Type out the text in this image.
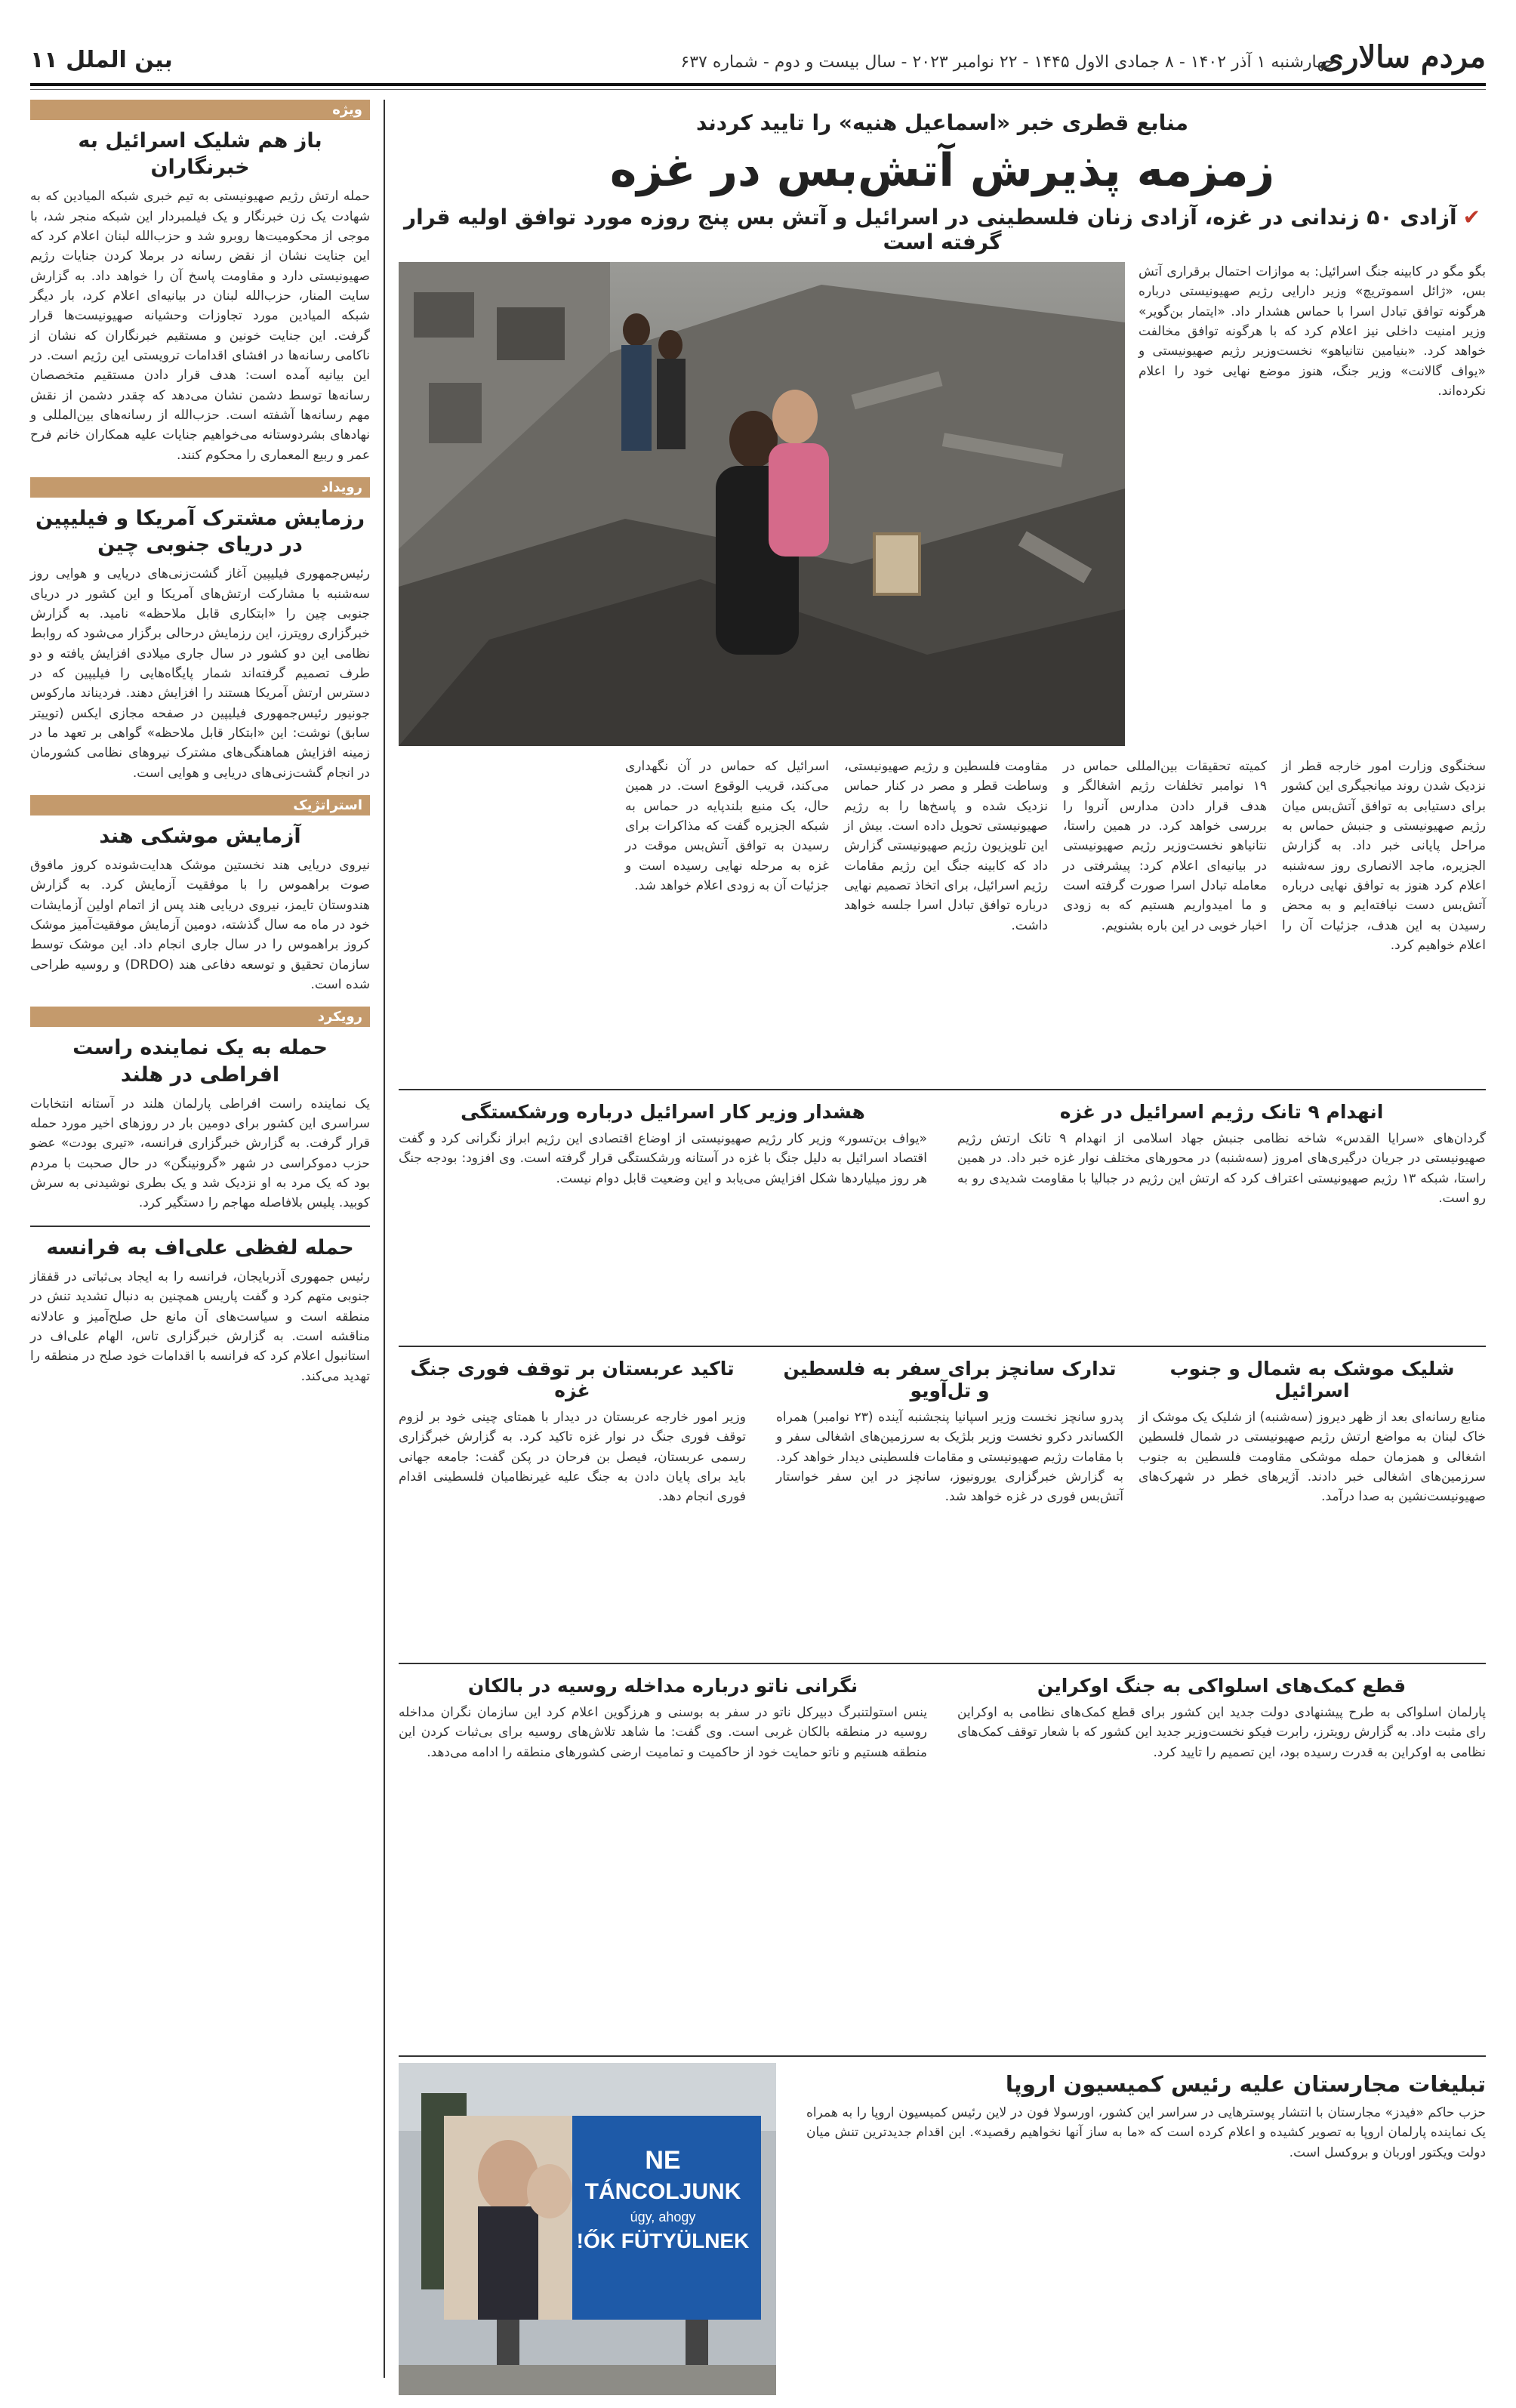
بین الملل ۱۱	مردم سالاری
چهارشنبه ۱ آذر ۱۴۰۲ - ۸ جمادی الاول ۱۴۴۵ - ۲۲ نوامبر ۲۰۲۳ - سال بیست و دوم - شماره ۶۳۷
ویژه
باز هم شلیک اسرائیل به خبرنگاران
حمله ارتش رژیم صهیونیستی به تیم خبری شبکه المیادین که به شهادت یک زن خبرنگار و یک فیلمبردار این شبکه منجر شد، با موجی از محکومیت‌ها روبرو شد و حزب‌الله لبنان اعلام کرد که این جنایت نشان از نقض رسانه در برملا کردن جنایات رژیم صهیونیستی دارد و مقاومت پاسخ آن را خواهد داد. به گزارش سایت المنار، حزب‌الله لبنان در بیانیه‌ای اعلام کرد، بار دیگر شبکه المیادین مورد تجاوزات وحشیانه صهیونیست‌ها قرار گرفت. این جنایت خونین و مستقیم خبرنگاران که نشان از ناکامی رسانه‌ها در افشای اقدامات ترویستی این رژیم است. در این بیانیه آمده است: هدف قرار دادن مستقیم متخصصان رسانه‌ها توسط دشمن نشان می‌دهد که چقدر دشمن از نقش مهم رسانه‌ها آشفته است. حزب‌الله از رسانه‌های بین‌المللی و نهادهای بشردوستانه می‌خواهیم جنایات علیه همکاران خانم فرح عمر و ربیع المعماری را محکوم کنند.
رویداد
رزمایش مشترک آمریکا و فیلیپین در دریای جنوبی چین
رئیس‌جمهوری فیلیپین آغاز گشت‌زنی‌های دریایی و هوایی روز سه‌شنبه با مشارکت ارتش‌های آمریکا و این کشور در دریای جنوبی چین را «ابتکاری قابل ملاحظه» نامید. به گزارش خبرگزاری رویترز، این رزمایش درحالی برگزار می‌شود که روابط نظامی این دو کشور در سال جاری میلادی افزایش یافته و دو طرف تصمیم گرفته‌اند شمار پایگاه‌هایی را فیلیپین که در دسترس ارتش آمریکا هستند را افزایش دهند. فردیناند مارکوس جونیور رئیس‌جمهوری فیلیپین در صفحه مجازی ایکس (توییتر سابق) نوشت: این «ابتکار قابل ملاحظه» گواهی بر تعهد ما در زمینه افزایش هماهنگی‌های مشترک نیروهای نظامی کشورمان در انجام گشت‌زنی‌های دریایی و هوایی است.
استراتژیک
آزمایش موشکی هند
نیروی دریایی هند نخستین موشک هدایت‌شونده کروز مافوق صوت براهموس را با موفقیت آزمایش کرد. به گزارش هندوستان تایمز، نیروی دریایی هند پس از اتمام اولین آزمایشات خود در ماه مه سال گذشته، دومین آزمایش موفقیت‌آمیز موشک کروز براهموس را در سال جاری انجام داد. این موشک توسط سازمان تحقیق و توسعه دفاعی هند (DRDO) و روسیه طراحی شده است.
رویکرد
حمله به یک نماینده راست افراطی در هلند
یک نماینده راست افراطی پارلمان هلند در آستانه انتخابات سراسری این کشور برای دومین بار در روزهای اخیر مورد حمله قرار گرفت. به گزارش خبرگزاری فرانسه، «تیری بودت» عضو حزب دموکراسی در شهر «گرونینگن» در حال صحبت با مردم بود که یک مرد به او نزدیک شد و یک بطری نوشیدنی به سرش کوبید. پلیس بلافاصله مهاجم را دستگیر کرد.
حمله لفظی علی‌اف به فرانسه
رئیس جمهوری آذربایجان، فرانسه را به ایجاد بی‌ثباتی در قفقاز جنوبی متهم کرد و گفت پاریس همچنین به دنبال تشدید تنش در منطقه است و سیاست‌های آن مانع حل صلح‌آمیز و عادلانه مناقشه است. به گزارش خبرگزاری تاس، الهام علی‌اف در استانبول اعلام کرد که فرانسه با اقدامات خود صلح در منطقه را تهدید می‌کند.
منابع قطری خبر «اسماعیل هنیه» را تایید کردند
زمزمه پذیرش آتش‌بس در غزه
✔آزادی ۵۰ زندانی در غزه، آزادی زنان فلسطینی در اسرائیل و آتش بس پنج روزه مورد توافق اولیه قرار گرفته است
بگو مگو در کابینه جنگ اسرائیل: به موازات احتمال برقراری آتش بس، «ژائل اسموتریچ» وزیر دارایی رژیم صهیونیستی درباره هرگونه توافق تبادل اسرا با حماس هشدار داد. «ایتمار بن‌گویر» وزیر امنیت داخلی نیز اعلام کرد که با هرگونه توافق مخالفت خواهد کرد. «بنیامین نتانیاهو» نخست‌وزیر رژیم صهیونیستی و «یواف گالانت» وزیر جنگ، هنوز موضع نهایی خود را اعلام نکرده‌اند.
سخنگوی وزارت امور خارجه قطر از نزدیک شدن روند میانجیگری این کشور برای دستیابی به توافق آتش‌بس میان رژیم صهیونیستی و جنبش حماس به مراحل پایانی خبر داد. به گزارش الجزیره، ماجد الانصاری روز سه‌شنبه اعلام کرد هنوز به توافق نهایی درباره آتش‌بس دست نیافته‌ایم و به محض رسیدن به این هدف، جزئیات آن را اعلام خواهیم کرد.
کمیته تحقیقات بین‌المللی حماس در ۱۹ نوامبر تخلفات رژیم اشغالگر و هدف قرار دادن مدارس آنروا را بررسی خواهد کرد. در همین راستا، نتانیاهو نخست‌وزیر رژیم صهیونیستی در بیانیه‌ای اعلام کرد: پیشرفتی در معامله تبادل اسرا صورت گرفته است و ما امیدواریم هستیم که به زودی اخبار خوبی در این باره بشنویم.
مقاومت فلسطین و رژیم صهیونیستی، وساطت قطر و مصر در کنار حماس نزدیک شده و پاسخ‌ها را به رژیم صهیونیستی تحویل داده است. بیش از این تلویزیون رژیم صهیونیستی گزارش داد که کابینه جنگ این رژیم مقامات رژیم اسرائیل، برای اتخاذ تصمیم نهایی درباره توافق تبادل اسرا جلسه خواهد داشت.
اسرائیل که حماس در آن نگهداری می‌کند، قریب الوقوع است. در همین حال، یک منبع بلندپایه در حماس به شبکه الجزیره گفت که مذاکرات برای رسیدن به توافق آتش‌بس موقت در غزه به مرحله نهایی رسیده است و جزئیات آن به زودی اعلام خواهد شد.
انهدام ۹ تانک رژیم اسرائیل در غزه
گردان‌های «سرایا القدس» شاخه نظامی جنبش جهاد اسلامی از انهدام ۹ تانک ارتش رژیم صهیونیستی در جریان درگیری‌های امروز (سه‌شنبه) در محورهای مختلف نوار غزه خبر داد. در همین راستا، شبکه ۱۳ رژیم صهیونیستی اعتراف کرد که ارتش این رژیم در جبالیا با مقاومت شدیدی رو به رو است.
هشدار وزیر کار اسرائیل درباره ورشکستگی
«یواف بن‌تسور» وزیر کار رژیم صهیونیستی از اوضاع اقتصادی این رژیم ابراز نگرانی کرد و گفت اقتصاد اسرائیل به دلیل جنگ با غزه در آستانه ورشکستگی قرار گرفته است. وی افزود: بودجه جنگ هر روز میلیاردها شکل افزایش می‌یابد و این وضعیت قابل دوام نیست.
شلیک موشک به شمال و جنوب اسرائیل
منابع رسانه‌ای بعد از ظهر دیروز (سه‌شنبه) از شلیک یک موشک از خاک لبنان به مواضع ارتش رژیم صهیونیستی در شمال فلسطین اشغالی و همزمان حمله موشکی مقاومت فلسطین به جنوب سرزمین‌های اشغالی خبر دادند. آژیرهای خطر در شهرک‌های صهیونیست‌نشین به صدا درآمد.
تدارک سانچز برای سفر به فلسطین و تل‌آویو
پدرو سانچز نخست وزیر اسپانیا پنجشنبه آینده (۲۳ نوامبر) همراه الکساندر دکرو نخست وزیر بلژیک به سرزمین‌های اشغالی سفر و با مقامات رژیم صهیونیستی و مقامات فلسطینی دیدار خواهد کرد. به گزارش خبرگزاری یورونیوز، سانچز در این سفر خواستار آتش‌بس فوری در غزه خواهد شد.
تاکید عربستان بر توقف فوری جنگ غزه
وزیر امور خارجه عربستان در دیدار با همتای چینی خود بر لزوم توقف فوری جنگ در نوار غزه تاکید کرد. به گزارش خبرگزاری رسمی عربستان، فیصل بن فرحان در پکن گفت: جامعه جهانی باید برای پایان دادن به جنگ علیه غیرنظامیان فلسطینی اقدام فوری انجام دهد.
قطع کمک‌های اسلواکی به جنگ اوکراین
پارلمان اسلواکی به طرح پیشنهادی دولت جدید این کشور برای قطع کمک‌های نظامی به اوکراین رای مثبت داد. به گزارش رویترز، رابرت فیکو نخست‌وزیر جدید این کشور که با شعار توقف کمک‌های نظامی به اوکراین به قدرت رسیده بود، این تصمیم را تایید کرد.
نگرانی ناتو درباره مداخله روسیه در بالکان
ینس استولتنبرگ دبیرکل ناتو در سفر به بوسنی و هرزگوین اعلام کرد این سازمان نگران مداخله روسیه در منطقه بالکان غربی است. وی گفت: ما شاهد تلاش‌های روسیه برای بی‌ثبات کردن این منطقه هستیم و ناتو حمایت خود از حاکمیت و تمامیت ارضی کشورهای منطقه را ادامه می‌دهد.
تبلیغات مجارستان علیه رئیس کمیسیون اروپا
حزب حاکم «فیدز» مجارستان با انتشار پوسترهایی در سراسر این کشور، اورسولا فون در لاین رئیس کمیسیون اروپا را به همراه یک نماینده پارلمان اروپا به تصویر کشیده و اعلام کرده است که «ما به ساز آنها نخواهیم رقصید». این اقدام جدیدترین تنش میان دولت ویکتور اوربان و بروکسل است.
NE
TÁNCOLJUNK
úgy, ahogy
ŐK FÜTYÜLNEK!
